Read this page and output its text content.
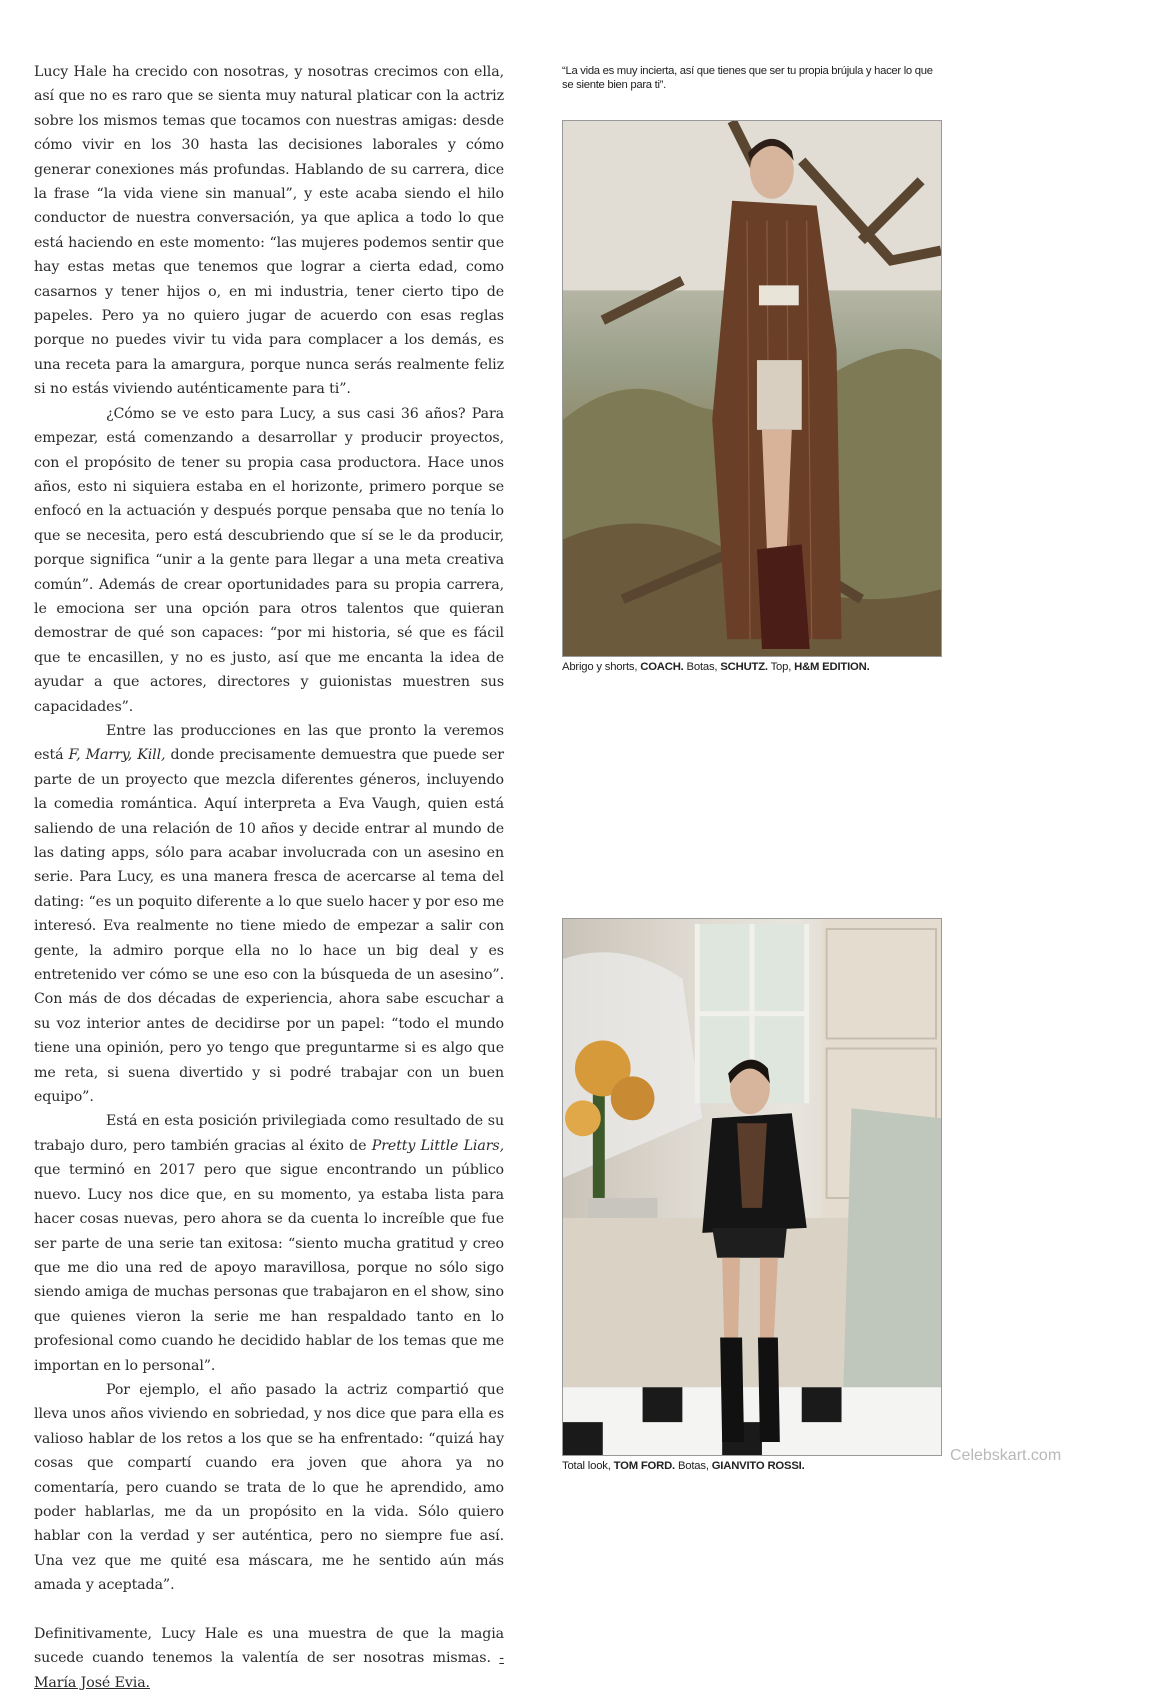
Lucy Hale ha crecido con nosotras, y nosotras crecimos con ella, así que no es raro que se sienta muy natural platicar con la actriz sobre los mismos temas que tocamos con nuestras amigas: desde cómo vivir en los 30 hasta las decisiones laborales y cómo generar conexiones más profundas. Hablando de su carrera, dice la frase “la vida viene sin manual”, y este acaba siendo el hilo conductor de nuestra conversación, ya que aplica a todo lo que está haciendo en este momento: “las mujeres podemos sentir que hay estas metas que tenemos que lograr a cierta edad, como casarnos y tener hijos o, en mi industria, tener cierto tipo de papeles. Pero ya no quiero jugar de acuerdo con esas reglas porque no puedes vivir tu vida para complacer a los demás, es una receta para la amargura, porque nunca serás realmente feliz si no estás viviendo auténticamente para ti”.

¿Cómo se ve esto para Lucy, a sus casi 36 años? Para empezar, está comenzando a desarrollar y producir proyectos, con el propósito de tener su propia casa productora. Hace unos años, esto ni siquiera estaba en el horizonte, primero porque se enfocó en la actuación y después porque pensaba que no tenía lo que se necesita, pero está descubriendo que sí se le da producir, porque significa “unir a la gente para llegar a una meta creativa común”. Además de crear oportunidades para su propia carrera, le emociona ser una opción para otros talentos que quieran demostrar de qué son capaces: “por mi historia, sé que es fácil que te encasillen, y no es justo, así que me encanta la idea de ayudar a que actores, directores y guionistas muestren sus capacidades”.

Entre las producciones en las que pronto la veremos está F, Marry, Kill, donde precisamente demuestra que puede ser parte de un proyecto que mezcla diferentes géneros, incluyendo la comedia romántica. Aquí interpreta a Eva Vaugh, quien está saliendo de una relación de 10 años y decide entrar al mundo de las dating apps, sólo para acabar involucrada con un asesino en serie. Para Lucy, es una manera fresca de acercarse al tema del dating: “es un poquito diferente a lo que suelo hacer y por eso me interesó. Eva realmente no tiene miedo de empezar a salir con gente, la admiro porque ella no lo hace un big deal y es entretenido ver cómo se une eso con la búsqueda de un asesino”. Con más de dos décadas de experiencia, ahora sabe escuchar a su voz interior antes de decidirse por un papel: “todo el mundo tiene una opinión, pero yo tengo que preguntarme si es algo que me reta, si suena divertido y si podré trabajar con un buen equipo”.

Está en esta posición privilegiada como resultado de su trabajo duro, pero también gracias al éxito de Pretty Little Liars, que terminó en 2017 pero que sigue encontrando un público nuevo. Lucy nos dice que, en su momento, ya estaba lista para hacer cosas nuevas, pero ahora se da cuenta lo increíble que fue ser parte de una serie tan exitosa: “siento mucha gratitud y creo que me dio una red de apoyo maravillosa, porque no sólo sigo siendo amiga de muchas personas que trabajaron en el show, sino que quienes vieron la serie me han respaldado tanto en lo profesional como cuando he decidido hablar de los temas que me importan en lo personal”.

Por ejemplo, el año pasado la actriz compartió que lleva unos años viviendo en sobriedad, y nos dice que para ella es valioso hablar de los retos a los que se ha enfrentado: “quizá hay cosas que compartí cuando era joven que ahora ya no comentaría, pero cuando se trata de lo que he aprendido, amo poder hablarlas, me da un propósito en la vida. Sólo quiero hablar con la verdad y ser auténtica, pero no siempre fue así. Una vez que me quité esa máscara, me he sentido aún más amada y aceptada”.

Definitivamente, Lucy Hale es una muestra de que la magia sucede cuando tenemos la valentía de ser nosotras mismas. -María José Evia.

“La vida es muy incierta, así que tienes que ser tu propia brújula y hacer lo que se siente bien para ti”.
Abrigo y shorts, COACH. Botas, SCHUTZ. Top, H&M EDITION.
Total look, TOM FORD. Botas, GIANVITO ROSSI.
Celebskart.com
